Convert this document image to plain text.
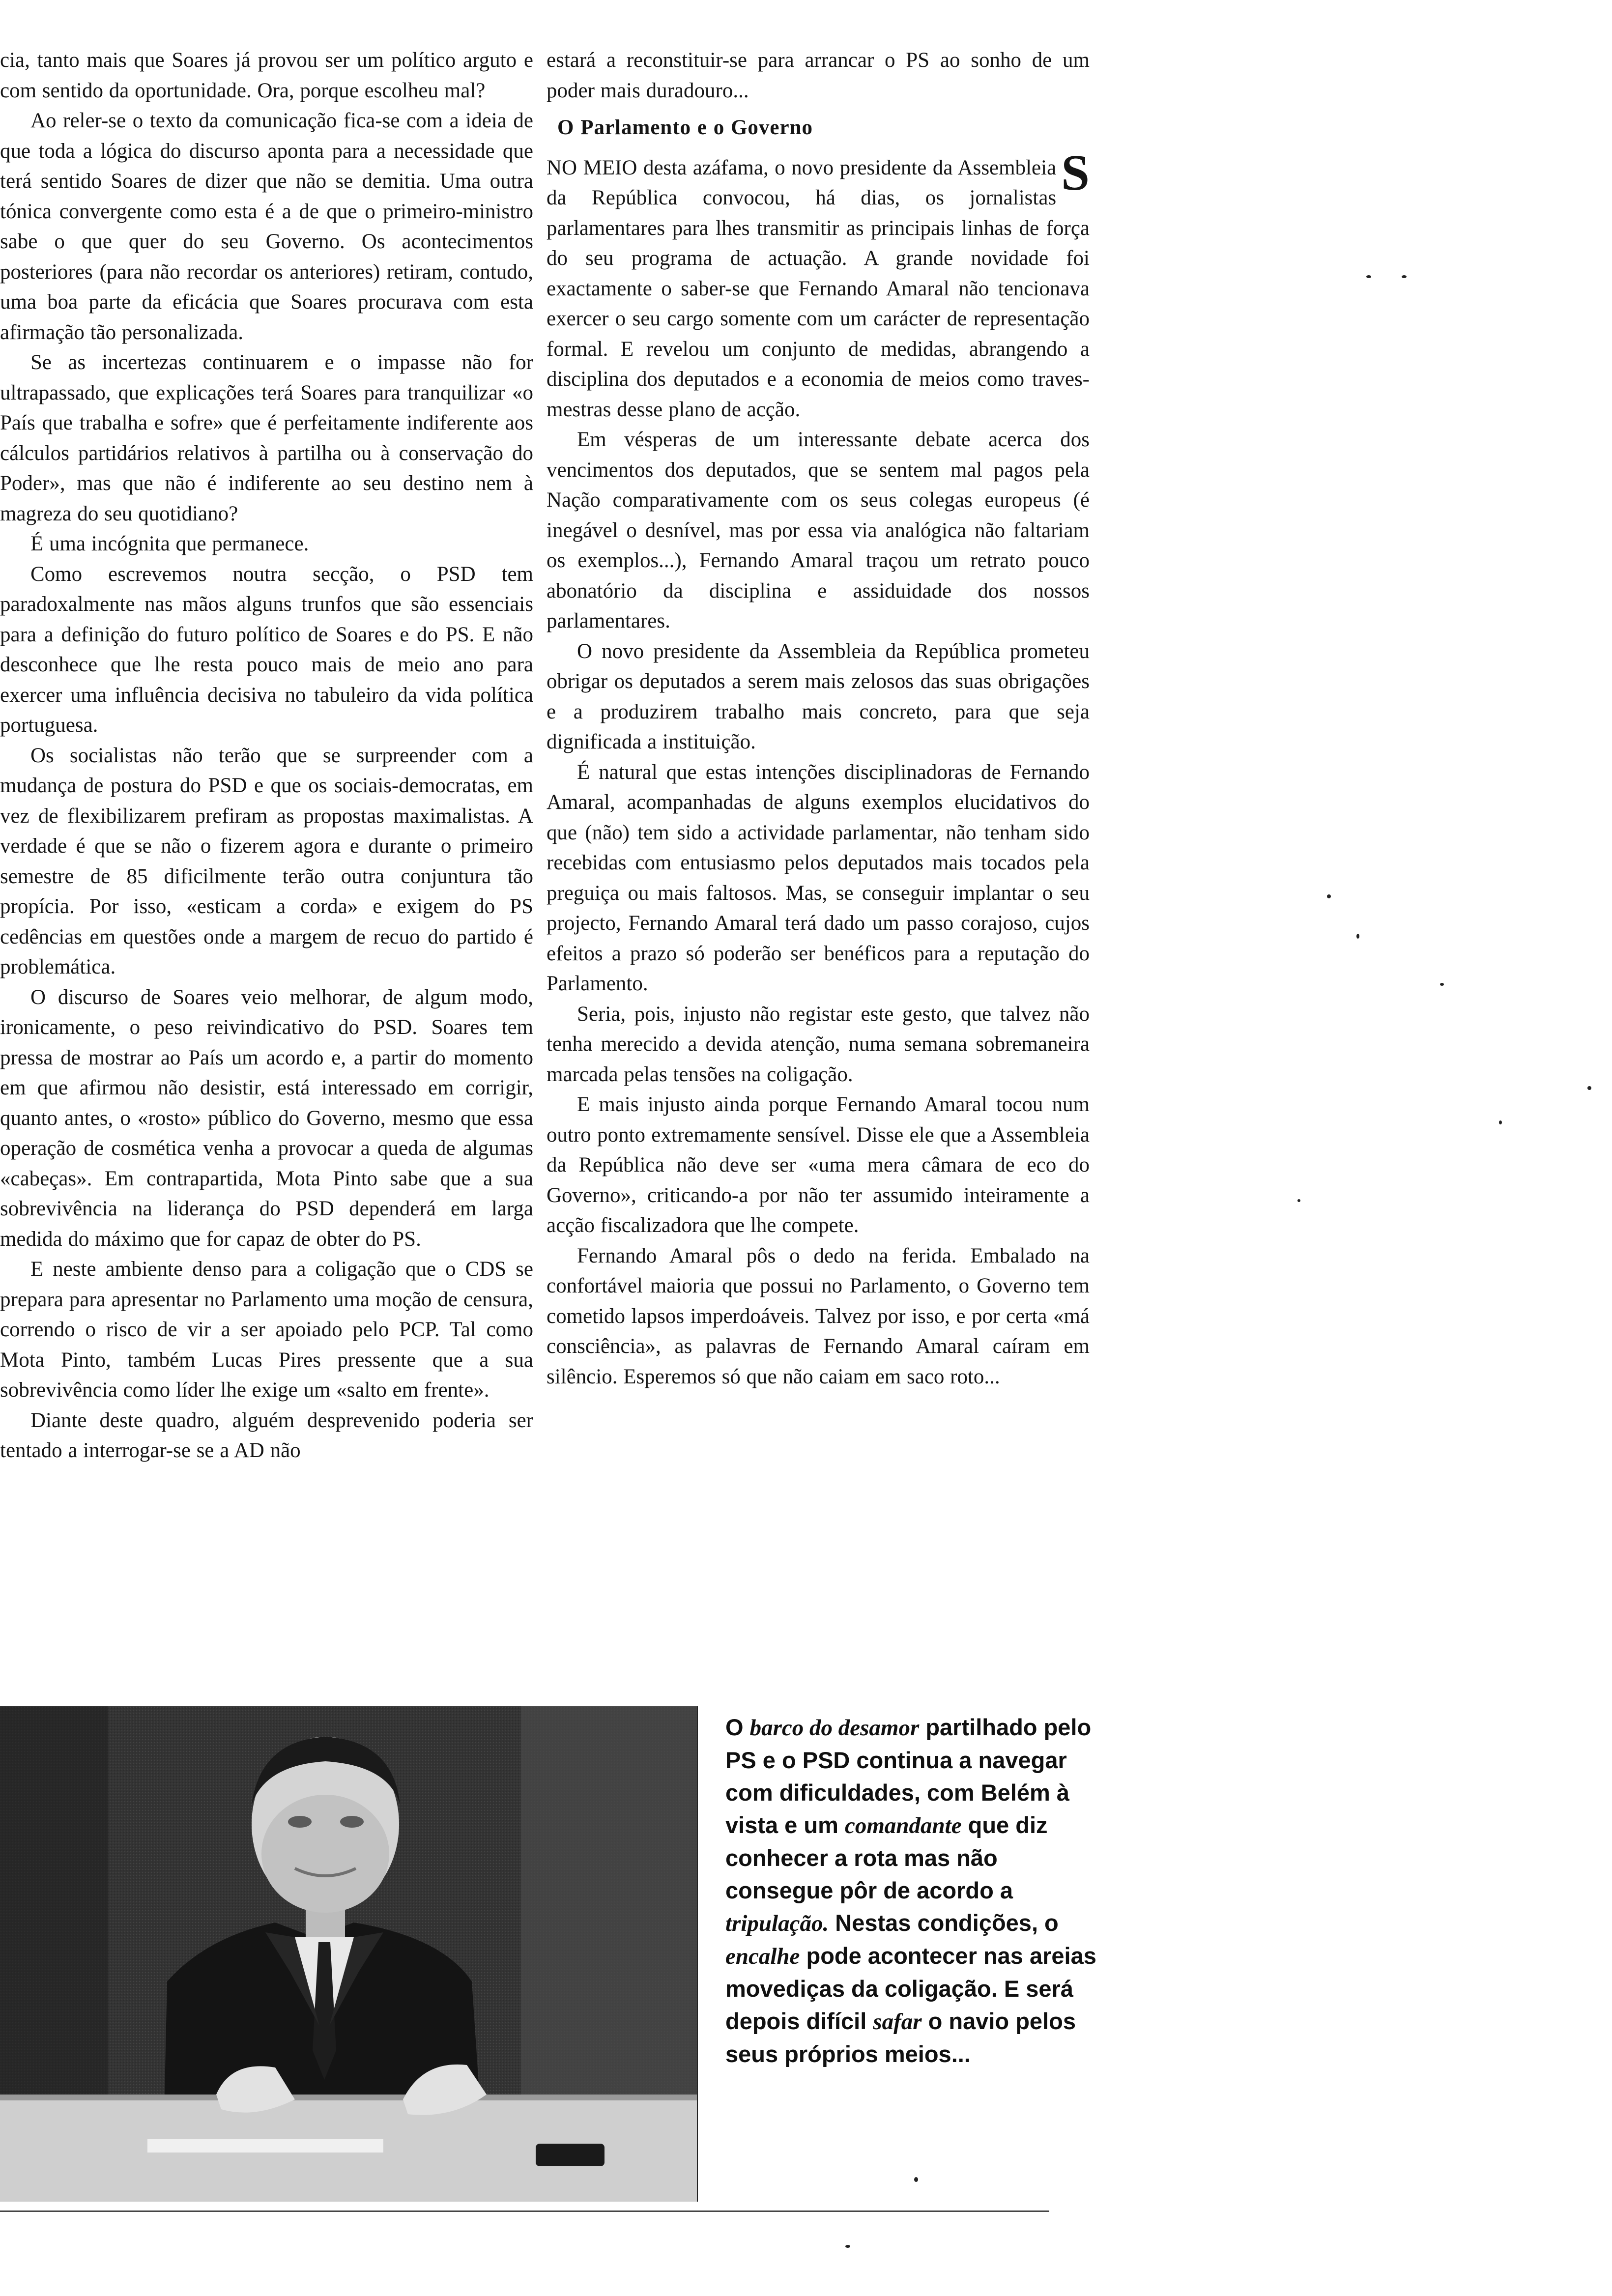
cia, tanto mais que Soares já provou ser um político arguto e com sentido da oportunidade. Ora, porque escolheu mal?

Ao reler-se o texto da comunicação fica-se com a ideia de que toda a lógica do discurso aponta para a necessidade que terá sentido Soares de dizer que não se demitia. Uma outra tónica convergente como esta é a de que o primeiro-ministro sabe o que quer do seu Governo. Os acontecimentos posteriores (para não recordar os anteriores) retiram, contudo, uma boa parte da eficácia que Soares procurava com esta afirmação tão personalizada.

Se as incertezas continuarem e o impasse não for ultrapassado, que explicações terá Soares para tranquilizar «o País que trabalha e sofre» que é perfeitamente indiferente aos cálculos partidários relativos à partilha ou à conservação do Poder», mas que não é indiferente ao seu destino nem à magreza do seu quotidiano?

É uma incógnita que permanece.

Como escrevemos noutra secção, o PSD tem paradoxalmente nas mãos alguns trunfos que são essenciais para a definição do futuro político de Soares e do PS. E não desconhece que lhe resta pouco mais de meio ano para exercer uma influência decisiva no tabuleiro da vida política portuguesa.

Os socialistas não terão que se surpreender com a mudança de postura do PSD e que os sociais-democratas, em vez de flexibilizarem prefiram as propostas maximalistas. A verdade é que se não o fizerem agora e durante o primeiro semestre de 85 dificilmente terão outra conjuntura tão propícia. Por isso, «esticam a corda» e exigem do PS cedências em questões onde a margem de recuo do partido é problemática.

O discurso de Soares veio melhorar, de algum modo, ironicamente, o peso reivindicativo do PSD. Soares tem pressa de mostrar ao País um acordo e, a partir do momento em que afirmou não desistir, está interessado em corrigir, quanto antes, o «rosto» público do Governo, mesmo que essa operação de cosmética venha a provocar a queda de algumas «cabeças». Em contrapartida, Mota Pinto sabe que a sua sobrevivência na liderança do PSD dependerá em larga medida do máximo que for capaz de obter do PS.

E neste ambiente denso para a coligação que o CDS se prepara para apresentar no Parlamento uma moção de censura, correndo o risco de vir a ser apoiado pelo PCP. Tal como Mota Pinto, também Lucas Pires pressente que a sua sobrevivência como líder lhe exige um «salto em frente».

Diante deste quadro, alguém desprevenido poderia ser tentado a interrogar-se se a AD não

estará a reconstituir-se para arrancar o PS ao sonho de um poder mais duradouro...

O Parlamento e o Governo

S
NO MEIO desta azáfama, o novo presidente da Assembleia da República convocou, há dias, os jornalistas parlamentares para lhes transmitir as principais linhas de força do seu programa de actuação. A grande novidade foi exactamente o saber-se que Fernando Amaral não tencionava exercer o seu cargo somente com um carácter de representação formal. E revelou um conjunto de medidas, abrangendo a disciplina dos deputados e a economia de meios como traves-mestras desse plano de acção.

Em vésperas de um interessante debate acerca dos vencimentos dos deputados, que se sentem mal pagos pela Nação comparativamente com os seus colegas europeus (é inegável o desnível, mas por essa via analógica não faltariam os exemplos...), Fernando Amaral traçou um retrato pouco abonatório da disciplina e assiduidade dos nossos parlamentares.

O novo presidente da Assembleia da República prometeu obrigar os deputados a serem mais zelosos das suas obrigações e a produzirem trabalho mais concreto, para que seja dignificada a instituição.

É natural que estas intenções disciplinadoras de Fernando Amaral, acompanhadas de alguns exemplos elucidativos do que (não) tem sido a actividade parlamentar, não tenham sido recebidas com entusiasmo pelos deputados mais tocados pela preguiça ou mais faltosos. Mas, se conseguir implantar o seu projecto, Fernando Amaral terá dado um passo corajoso, cujos efeitos a prazo só poderão ser benéficos para a reputação do Parlamento.

Seria, pois, injusto não registar este gesto, que talvez não tenha merecido a devida atenção, numa semana sobremaneira marcada pelas tensões na coligação.

E mais injusto ainda porque Fernando Amaral tocou num outro ponto extremamente sensível. Disse ele que a Assembleia da República não deve ser «uma mera câmara de eco do Governo», criticando-a por não ter assumido inteiramente a acção fiscalizadora que lhe compete.

Fernando Amaral pôs o dedo na ferida. Embalado na confortável maioria que possui no Parlamento, o Governo tem cometido lapsos imperdoáveis. Talvez por isso, e por certa «má consciência», as palavras de Fernando Amaral caíram em silêncio. Esperemos só que não caiam em saco roto...

O barco do desamor partilhado pelo PS e o PSD continua a navegar com dificuldades, com Belém à vista e um comandante que diz conhecer a rota mas não consegue pôr de acordo a tripulação. Nestas condições, o encalhe pode acontecer nas areias movediças da coligação. E será depois difícil safar o navio pelos seus próprios meios...
